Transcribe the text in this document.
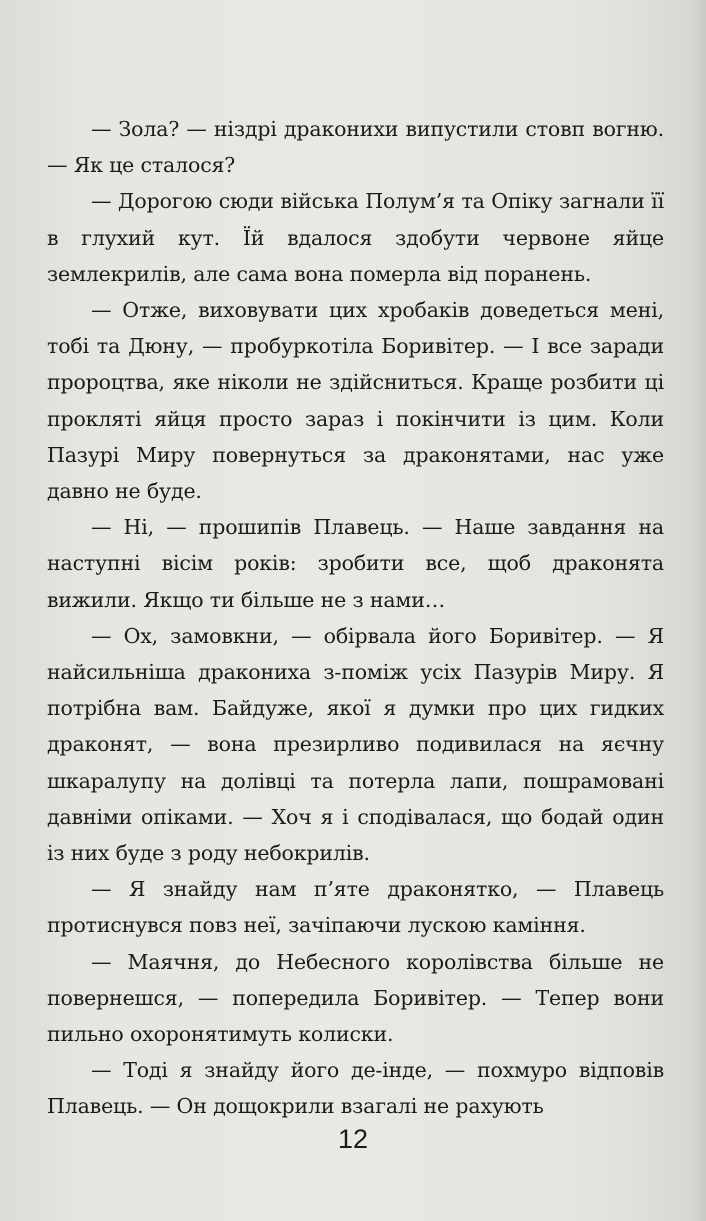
— Зола? — ніздрі драконихи випустили стовп вогню. — Як це сталося?

— Дорогою сюди війська Полум’я та Опіку загнали її в глухий кут. Їй вдалося здобути червоне яйце землекрилів, але сама вона померла від поранень.

— Отже, виховувати цих хробаків доведеться мені, тобі та Дюну, — пробуркотіла Боривітер. — І все заради пророцтва, яке ніколи не здійсниться. Краще розбити ці прокляті яйця просто зараз і покінчити із цим. Коли Пазурі Миру повернуться за драконятами, нас уже давно не буде.

— Ні, — прошипів Плавець. — Наше завдання на наступні вісім років: зробити все, щоб драконята вижили. Якщо ти більше не з нами…

— Ох, замовкни, — обірвала його Боривітер. — Я найсильніша дракониха з-поміж усіх Пазурів Миру. Я потрібна вам. Байдуже, якої я думки про цих гидких драконят, — вона презирливо подивилася на яєчну шкаралупу на долівці та потерла лапи, пошрамовані давніми опіками. — Хоч я і сподівалася, що бодай один із них буде з роду небокрилів.

— Я знайду нам п’яте драконятко, — Плавець протиснувся повз неї, зачіпаючи лускою каміння.

— Маячня, до Небесного королівства більше не повернешся, — попередила Боривітер. — Тепер вони пильно охоронятимуть колиски.

— Тоді я знайду його де-інде, — похмуро відповів Плавець. — Он дощокрили взагалі не рахують

12
